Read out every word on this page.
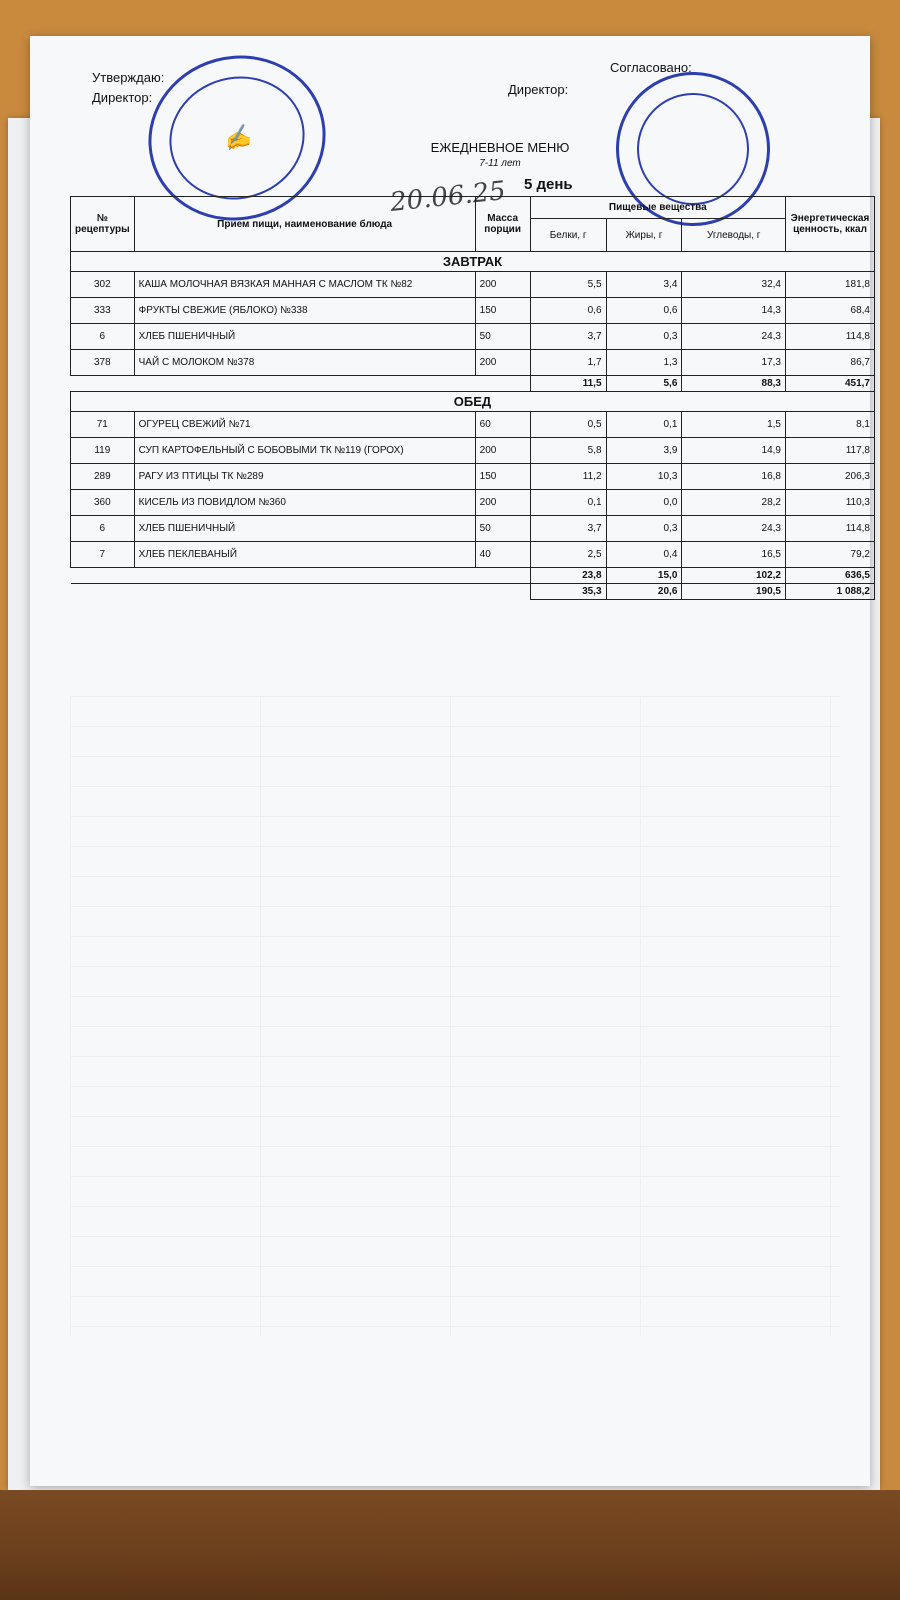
Утверждаю:
Директор:
Согласовано:
Директор:
✍	ЕЖЕДНЕВНОЕ МЕНЮ
7-11 лет
20.06.25 5 день
№ рецептуры	Прием пищи, наименование блюда	Масса порции	Пищевые вещества			Энергетическая ценность, ккал
			Белки, г	Жиры, г	Углеводы, г	
ЗАВТРАК						
302	КАША МОЛОЧНАЯ ВЯЗКАЯ МАННАЯ С МАСЛОМ ТК №82	200	5,5	3,4	32,4	181,8
333	ФРУКТЫ СВЕЖИЕ (ЯБЛОКО) №338	150	0,6	0,6	14,3	68,4
6	ХЛЕБ ПШЕНИЧНЫЙ	50	3,7	0,3	24,3	114,8
378	ЧАЙ С МОЛОКОМ №378	200	1,7	1,3	17,3	86,7
			11,5	5,6	88,3	451,7
ОБЕД						
71	ОГУРЕЦ СВЕЖИЙ №71	60	0,5	0,1	1,5	8,1
119	СУП КАРТОФЕЛЬНЫЙ С БОБОВЫМИ ТК №119 (ГОРОХ)	200	5,8	3,9	14,9	117,8
289	РАГУ ИЗ ПТИЦЫ ТК №289	150	11,2	10,3	16,8	206,3
360	КИСЕЛЬ ИЗ ПОВИДЛОМ №360	200	0,1	0,0	28,2	110,3
6	ХЛЕБ ПШЕНИЧНЫЙ	50	3,7	0,3	24,3	114,8
7	ХЛЕБ ПЕКЛЕВАНЫЙ	40	2,5	0,4	16,5	79,2
			23,8	15,0	102,2	636,5
			35,3	20,6	190,5	1 088,2
